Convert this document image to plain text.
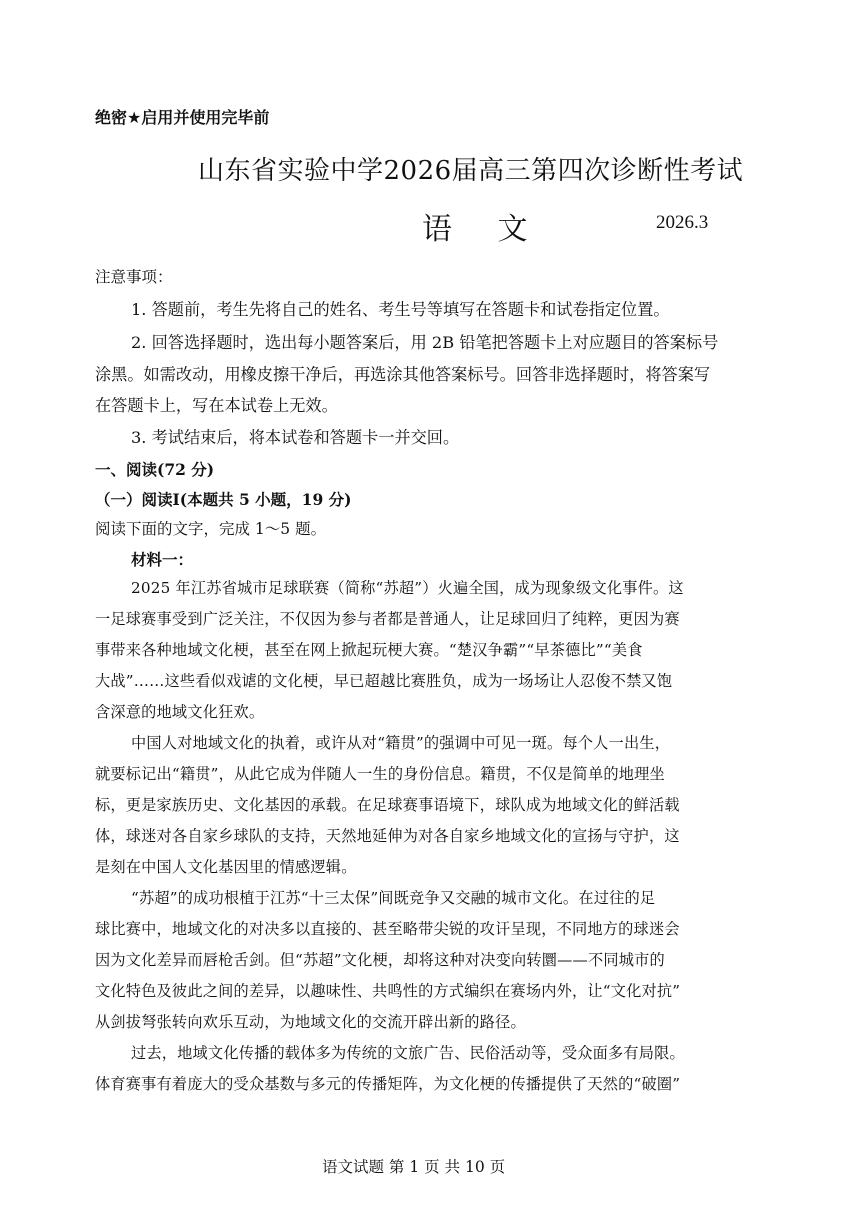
绝密★启用并使用完毕前
山东省实验中学2026届高三第四次诊断性考试
语 文	2026.3
注意事项：
1. 答题前，考生先将自己的姓名、考生号等填写在答题卡和试卷指定位置。
2. 回答选择题时，选出每小题答案后，用 2B 铅笔把答题卡上对应题目的答案标号
涂黑。如需改动，用橡皮擦干净后，再选涂其他答案标号。回答非选择题时，将答案写
在答题卡上，写在本试卷上无效。
3. 考试结束后，将本试卷和答题卡一并交回。
一、阅读(72 分)
（一）阅读Ⅰ(本题共 5 小题，19 分)
阅读下面的文字，完成 1～5 题。
材料一：
2025 年江苏省城市足球联赛（简称“苏超”）火遍全国，成为现象级文化事件。这
一足球赛事受到广泛关注，不仅因为参与者都是普通人，让足球回归了纯粹，更因为赛
事带来各种地域文化梗，甚至在网上掀起玩梗大赛。“楚汉争霸”“早茶德比”“美食
大战”……这些看似戏谑的文化梗，早已超越比赛胜负，成为一场场让人忍俊不禁又饱
含深意的地域文化狂欢。
中国人对地域文化的执着，或许从对“籍贯”的强调中可见一斑。每个人一出生，
就要标记出“籍贯”，从此它成为伴随人一生的身份信息。籍贯，不仅是简单的地理坐
标，更是家族历史、文化基因的承载。在足球赛事语境下，球队成为地域文化的鲜活载
体，球迷对各自家乡球队的支持，天然地延伸为对各自家乡地域文化的宣扬与守护，这
是刻在中国人文化基因里的情感逻辑。
“苏超”的成功根植于江苏“十三太保”间既竞争又交融的城市文化。在过往的足
球比赛中，地域文化的对决多以直接的、甚至略带尖锐的攻讦呈现，不同地方的球迷会
因为文化差异而唇枪舌剑。但“苏超”文化梗，却将这种对决变向转圜——不同城市的
文化特色及彼此之间的差异，以趣味性、共鸣性的方式编织在赛场内外，让“文化对抗”
从剑拔弩张转向欢乐互动，为地域文化的交流开辟出新的路径。
过去，地域文化传播的载体多为传统的文旅广告、民俗活动等，受众面多有局限。
体育赛事有着庞大的受众基数与多元的传播矩阵，为文化梗的传播提供了天然的“破圈”
语文试题 第 1 页 共 10 页
